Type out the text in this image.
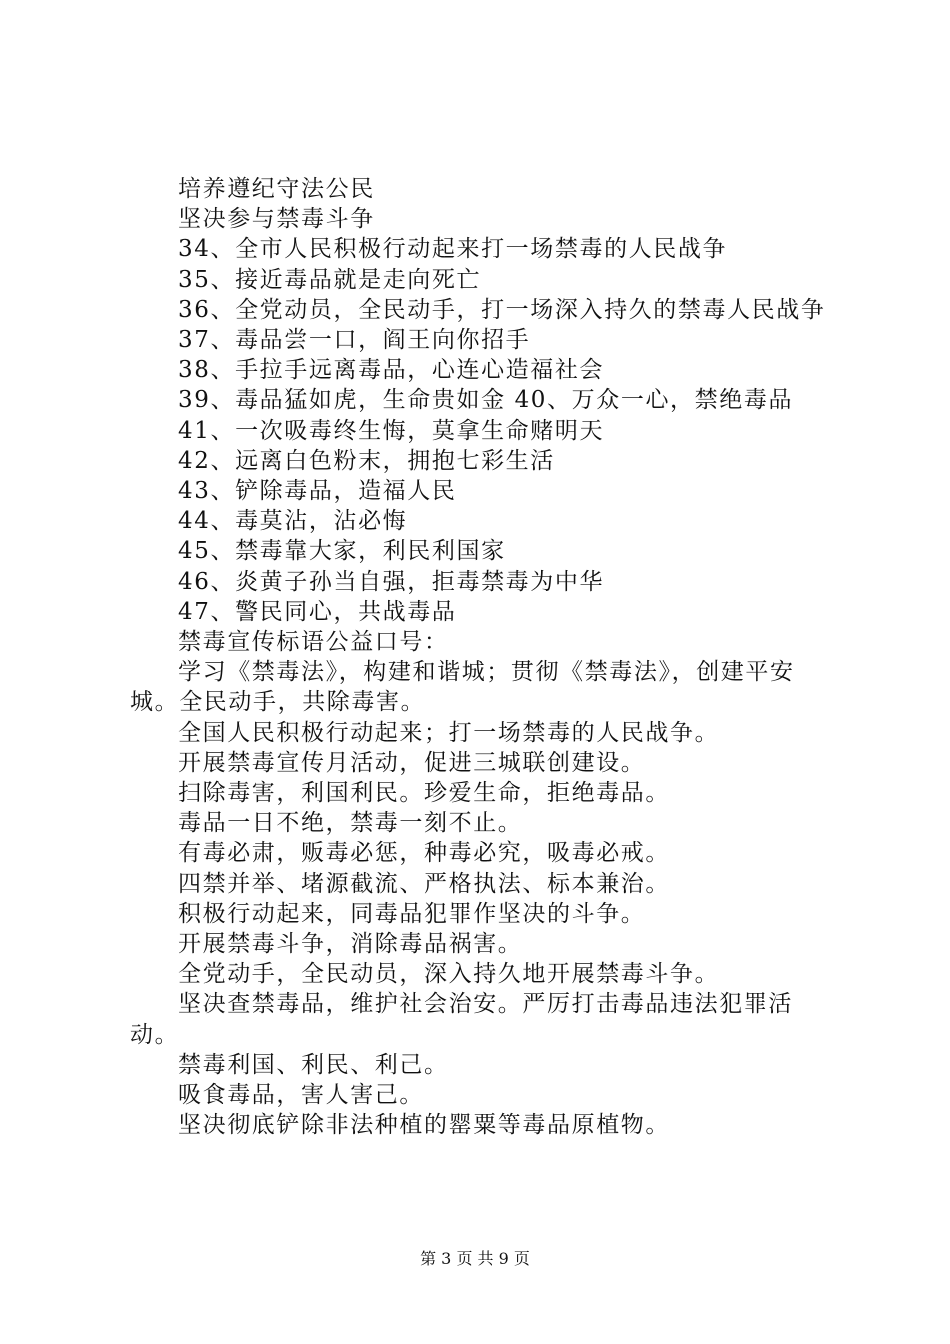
培养遵纪守法公民

坚决参与禁毒斗争

34、全市人民积极行动起来打一场禁毒的人民战争

35、接近毒品就是走向死亡

36、全党动员，全民动手，打一场深入持久的禁毒人民战争

37、毒品尝一口，阎王向你招手

38、手拉手远离毒品，心连心造福社会

39、毒品猛如虎，生命贵如金 40、万众一心，禁绝毒品

41、一次吸毒终生悔，莫拿生命赌明天

42、远离白色粉末，拥抱七彩生活

43、铲除毒品，造福人民

44、毒莫沾，沾必悔

45、禁毒靠大家，利民利国家

46、炎黄子孙当自强，拒毒禁毒为中华

47、警民同心，共战毒品

禁毒宣传标语公益口号：

学习《禁毒法》，构建和谐城；贯彻《禁毒法》，创建平安城。全民动手，共除毒害。

全国人民积极行动起来；打一场禁毒的人民战争。

开展禁毒宣传月活动，促进三城联创建设。

扫除毒害，利国利民。珍爱生命，拒绝毒品。

毒品一日不绝，禁毒一刻不止。

有毒必肃，贩毒必惩，种毒必究，吸毒必戒。

四禁并举、堵源截流、严格执法、标本兼治。

积极行动起来，同毒品犯罪作坚决的斗争。

开展禁毒斗争，消除毒品祸害。

全党动手，全民动员，深入持久地开展禁毒斗争。

坚决查禁毒品，维护社会治安。严厉打击毒品违法犯罪活动。

禁毒利国、利民、利己。

吸食毒品，害人害己。

坚决彻底铲除非法种植的罂粟等毒品原植物。

第 3 页 共 9 页
